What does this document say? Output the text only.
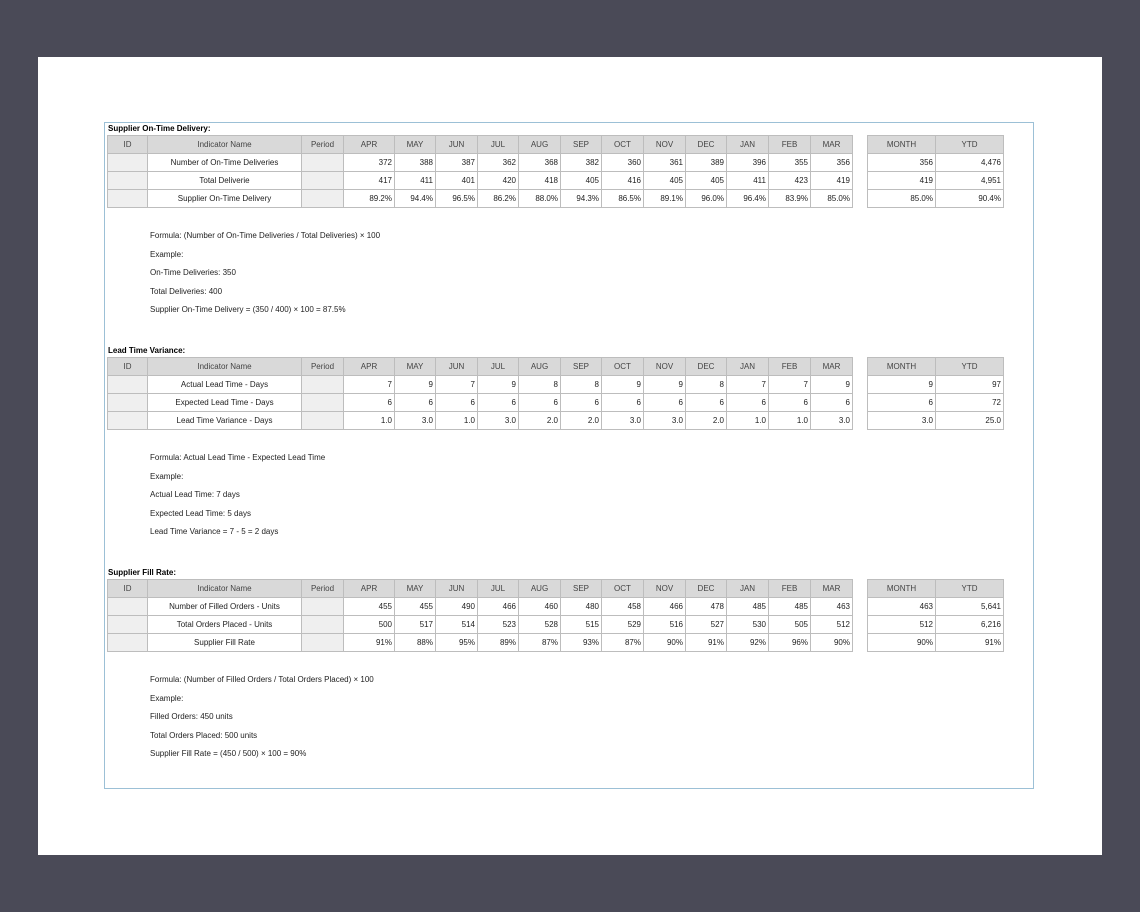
Supplier On-Time Delivery:
ID	Indicator Name	Period	APR	MAY	JUN	JUL	AUG	SEP	OCT	NOV	DEC	JAN	FEB	MAR
	Number of On-Time Deliveries		372	388	387	362	368	382	360	361	389	396	355	356
	Total Deliverie		417	411	401	420	418	405	416	405	405	411	423	419
	Supplier On-Time Delivery		89.2%	94.4%	96.5%	86.2%	88.0%	94.3%	86.5%	89.1%	96.0%	96.4%	83.9%	85.0%
MONTH	YTD
356	4,476
419	4,951
85.0%	90.4%
Formula: (Number of On-Time Deliveries / Total Deliveries) × 100
Example:
On-Time Deliveries: 350
Total Deliveries: 400
Supplier On-Time Delivery = (350 / 400) × 100 = 87.5%
Lead Time Variance:
ID	Indicator Name	Period	APR	MAY	JUN	JUL	AUG	SEP	OCT	NOV	DEC	JAN	FEB	MAR
	Actual Lead Time - Days		7	9	7	9	8	8	9	9	8	7	7	9
	Expected Lead Time - Days		6	6	6	6	6	6	6	6	6	6	6	6
	Lead Time Variance - Days		1.0	3.0	1.0	3.0	2.0	2.0	3.0	3.0	2.0	1.0	1.0	3.0
MONTH	YTD
9	97
6	72
3.0	25.0
Formula: Actual Lead Time - Expected Lead Time
Example:
Actual Lead Time: 7 days
Expected Lead Time: 5 days
Lead Time Variance = 7 - 5 = 2 days
Supplier Fill Rate:
ID	Indicator Name	Period	APR	MAY	JUN	JUL	AUG	SEP	OCT	NOV	DEC	JAN	FEB	MAR
	Number of Filled Orders - Units		455	455	490	466	460	480	458	466	478	485	485	463
	Total Orders Placed - Units		500	517	514	523	528	515	529	516	527	530	505	512
	Supplier Fill Rate		91%	88%	95%	89%	87%	93%	87%	90%	91%	92%	96%	90%
MONTH	YTD
463	5,641
512	6,216
90%	91%
Formula: (Number of Filled Orders / Total Orders Placed) × 100
Example:
Filled Orders: 450 units
Total Orders Placed: 500 units
Supplier Fill Rate = (450 / 500) × 100 = 90%
